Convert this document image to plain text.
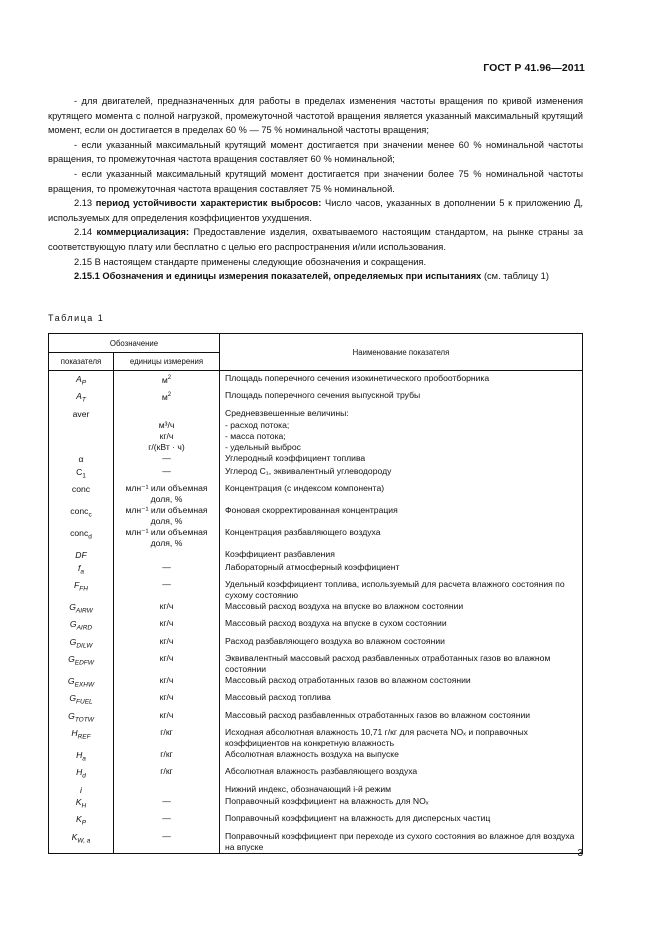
ГОСТ Р 41.96—2011

- для двигателей, предназначенных для работы в пределах изменения частоты вращения по кривой изменения крутящего момента с полной нагрузкой, промежуточной частотой вращения является указанный максимальный крутящий момент, если он достигается в пределах 60 % — 75 % номинальной частоты вращения;

- если указанный максимальный крутящий момент достигается при значении менее 60 % номинальной частоты вращения, то промежуточная частота вращения составляет 60 % номинальной;

- если указанный максимальный крутящий момент достигается при значении более 75 % номинальной частоты вращения, то промежуточная частота вращения составляет 75 % номинальной.

2.13 период устойчивости характеристик выбросов: Число часов, указанных в дополнении 5 к приложению Д, используемых для определения коэффициентов ухудшения.

2.14 коммерциализация: Предоставление изделия, охватываемого настоящим стандартом, на рынке страны за соответствующую плату или бесплатно с целью его распространения и/или использования.

2.15 В настоящем стандарте применены следующие обозначения и сокращения.

2.15.1 Обозначения и единицы измерения показателей, определяемых при испытаниях (см. таблицу 1)

Таблица 1
Обозначение		Наименование показателя
показателя	единицы измерения	
$A_P$	$м^2$	Площадь поперечного сечения изокинетического пробоотборника
$A_T$	$м^2$	Площадь поперечного сечения выпускной трубы
aver		Средневзвешенные величины:
	м³/ч	- расход потока;
	кг/ч	- масса потока;
	г/(кВт · ч)	- удельный выброс
α	—	Углеродный коэффициент топлива
$C_1$	—	Углерод C₁, эквивалентный углеводороду
conc	млн⁻¹ или объемная доля, %	Концентрация (с индексом компонента)
conc$_c$	млн⁻¹ или объемная доля, %	Фоновая скорректированная концентрация
conc$_d$	млн⁻¹ или объемная доля, %	Концентрация разбавляющего воздуха
DF		Коэффициент разбавления
$f_a$	—	Лабораторный атмосферный коэффициент
$F_{FH}$	—	Удельный коэффициент топлива, используемый для расчета влажного состояния по сухому состоянию
$G_{AIRW}$	кг/ч	Массовый расход воздуха на впуске во влажном состоянии
$G_{AIRD}$	кг/ч	Массовый расход воздуха на впуске в сухом состоянии
$G_{DILW}$	кг/ч	Расход разбавляющего воздуха во влажном состоянии
$G_{EDFW}$	кг/ч	Эквивалентный массовый расход разбавленных отработанных газов во влажном состоянии
$G_{EXHW}$	кг/ч	Массовый расход отработанных газов во влажном состоянии
$G_{FUEL}$	кг/ч	Массовый расход топлива
$G_{TOTW}$	кг/ч	Массовый расход разбавленных отработанных газов во влажном состоянии
$H_{REF}$	г/кг	Исходная абсолютная влажность 10,71 г/кг для расчета NOₓ и поправочных коэффициентов на конкретную влажность
$H_a$	г/кг	Абсолютная влажность воздуха на выпуске
$H_d$	г/кг	Абсолютная влажность разбавляющего воздуха
i		Нижний индекс, обозначающий i-й режим
$K_H$	—	Поправочный коэффициент на влажность для NOₓ
$K_P$	—	Поправочный коэффициент на влажность для дисперсных частиц
$K_{W, a}$	—	Поправочный коэффициент при переходе из сухого состояния во влажное для воздуха на впуске
3
